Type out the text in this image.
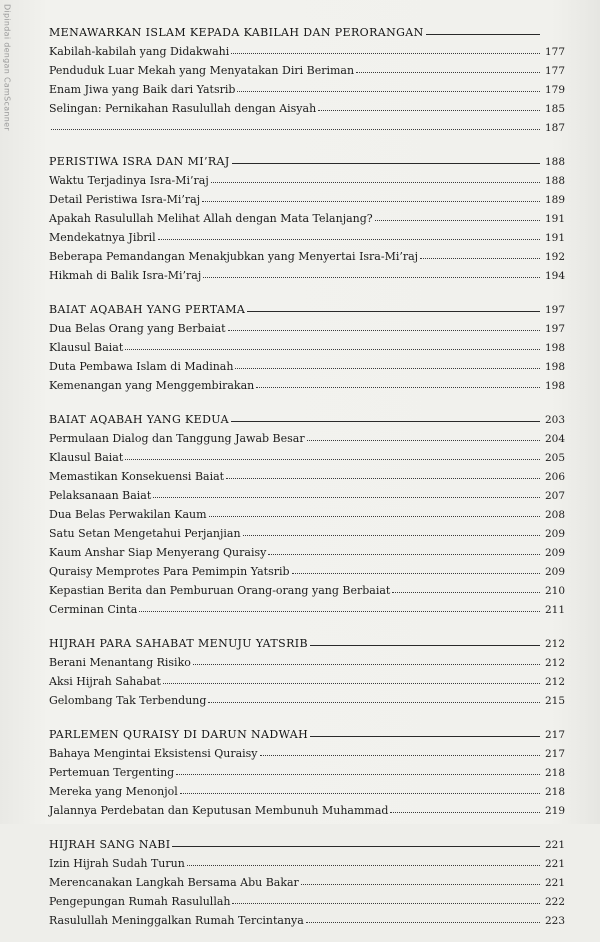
Dipindai dengan CamScanner	MENAWARKAN ISLAM KEPADA KABILAH DAN PERORANGAN
Kabilah-kabilah yang Didakwahi	177
Penduduk Luar Mekah yang Menyatakan Diri Beriman	177
Enam Jiwa yang Baik dari Yatsrib	179
Selingan: Pernikahan Rasulullah dengan Aisyah	185
187
PERISTIWA ISRA DAN MI’RAJ	188
Waktu Terjadinya Isra-Mi’raj	188
Detail Peristiwa Isra-Mi’raj	189
Apakah Rasulullah Melihat Allah dengan Mata Telanjang?	191
Mendekatnya Jibril	191
Beberapa Pemandangan Menakjubkan yang Menyertai Isra-Mi’raj	192
Hikmah di Balik Isra-Mi’raj	194
BAIAT AQABAH YANG PERTAMA	197
Dua Belas Orang yang Berbaiat	197
Klausul Baiat	198
Duta Pembawa Islam di Madinah	198
Kemenangan yang Menggembirakan	198
BAIAT AQABAH YANG KEDUA	203
Permulaan Dialog dan Tanggung Jawab Besar	204
Klausul Baiat	205
Memastikan Konsekuensi Baiat	206
Pelaksanaan Baiat	207
Dua Belas Perwakilan Kaum	208
Satu Setan Mengetahui Perjanjian	209
Kaum Anshar Siap Menyerang Quraisy	209
Quraisy Memprotes Para Pemimpin Yatsrib	209
Kepastian Berita dan Pemburuan Orang-orang yang Berbaiat	210
Cerminan Cinta	211
HIJRAH PARA SAHABAT MENUJU YATSRIB	212
Berani Menantang Risiko	212
Aksi Hijrah Sahabat	212
Gelombang Tak Terbendung	215
PARLEMEN QURAISY DI DARUN NADWAH	217
Bahaya Mengintai Eksistensi Quraisy	217
Pertemuan Tergenting	218
Mereka yang Menonjol	218
Jalannya Perdebatan dan Keputusan Membunuh Muhammad	219
HIJRAH SANG NABI	221
Izin Hijrah Sudah Turun	221
Merencanakan Langkah Bersama Abu Bakar	221
Pengepungan Rumah Rasulullah	222
Rasulullah Meninggalkan Rumah Tercintanya	223
